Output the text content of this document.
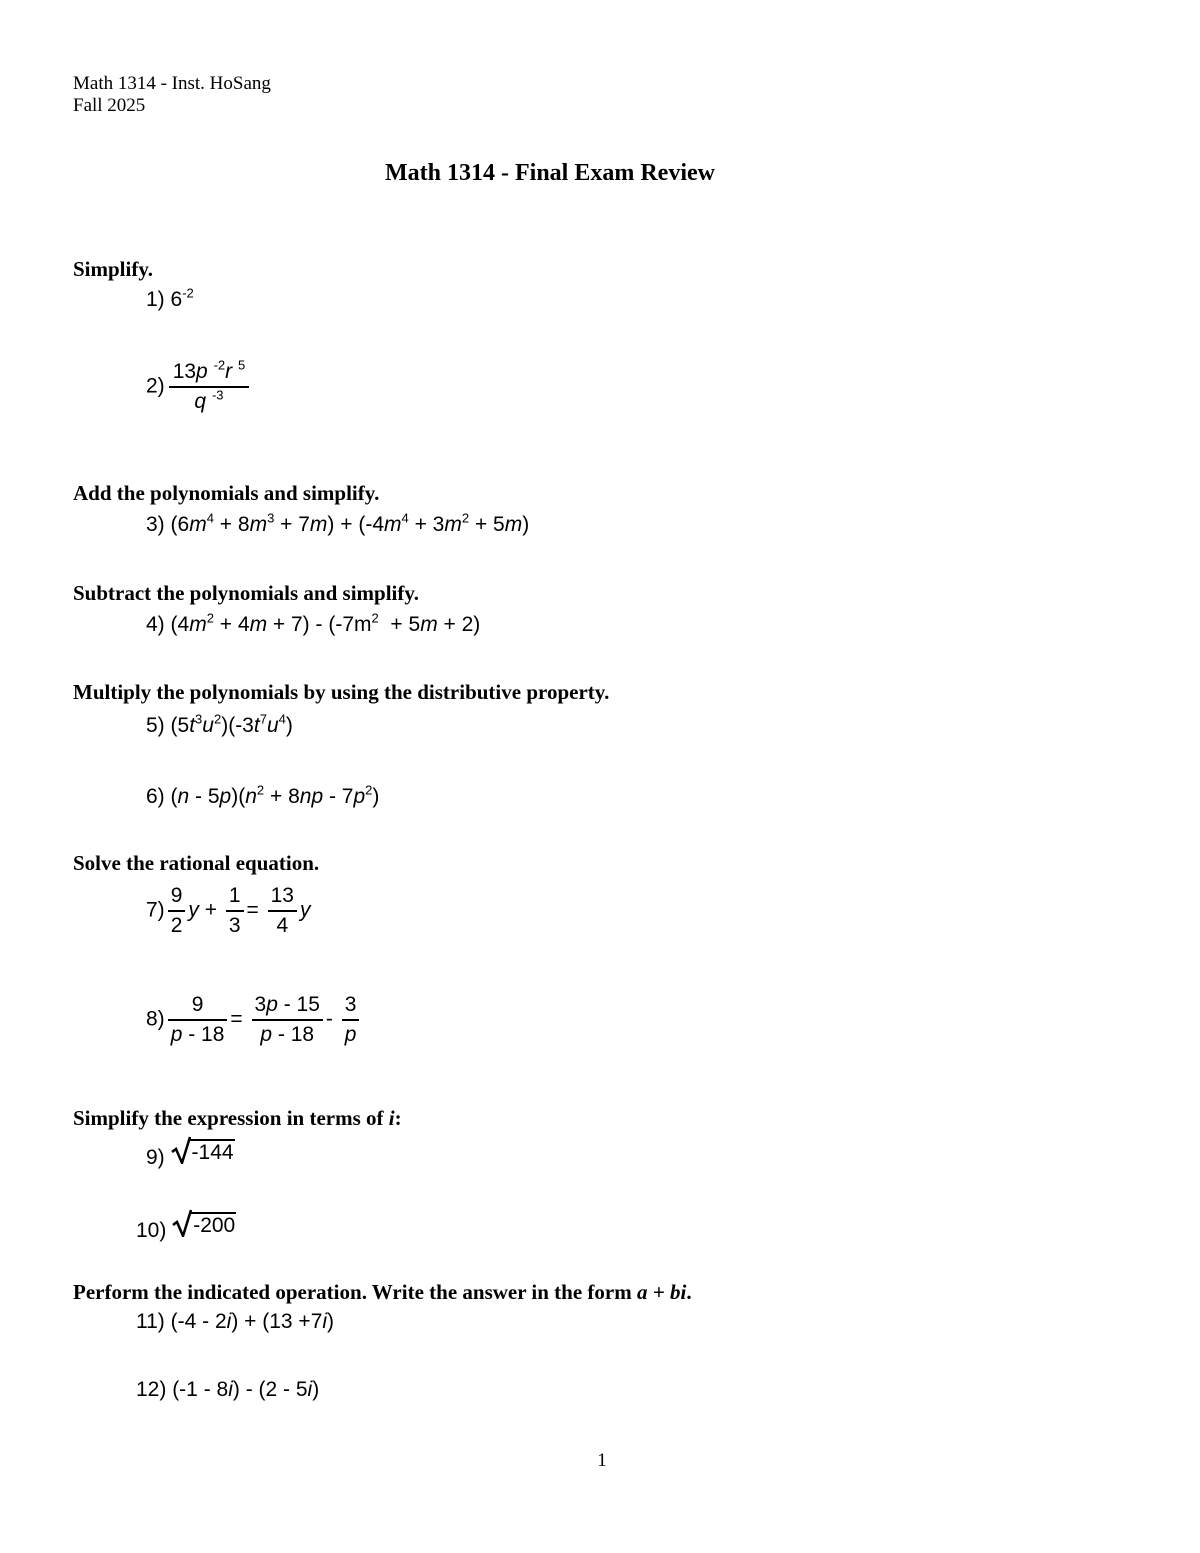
Math 1314 - Inst. HoSang
Fall 2025
Math 1314 - Final Exam Review
Simplify.
1) $6^{-2}$
$2) \frac{13p ^{-2}r ^5}{q ^{-3}}$
Add the polynomials and simplify.
3) $(6m^4 + 8m^3 + 7m) + (-4m^4 + 3m^2 + 5m)$
Subtract the polynomials and simplify.
4) $(4m^2 + 4m + 7) - (-7m^2 + 5m + 2)$
Multiply the polynomials by using the distributive property.
5) $(5t^3u^2)(-3t^7u^4)$
6) $(n - 5p)(n^2 + 8np - 7p^2)$
Solve the rational equation.
$7) \frac{9}{2}$ $y + \frac{1}{3} = \frac{13}{4}$ y
$8) \frac{9}{p - 18} = \frac{3p - 15}{p - 18} - \frac{3}{p}$
Simplify the expression in terms of i:
9) -144
10) -200
Perform the indicated operation. Write the answer in the form a + bi.
11) (-4 - 2i) + (13 +7i)
12) (-1 - 8i) - (2 - 5i)
1
